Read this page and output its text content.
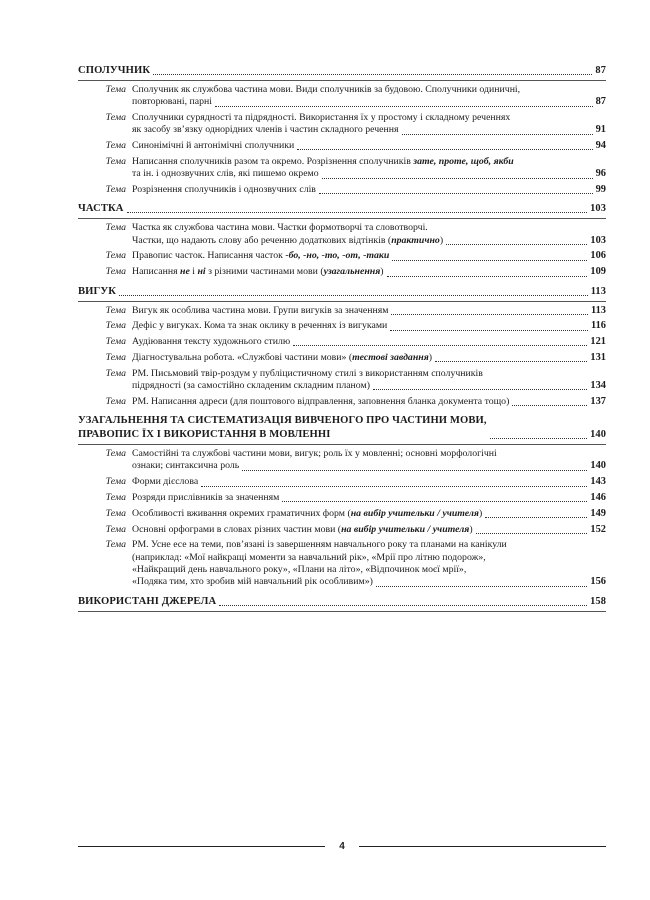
СПОЛУЧНИК	87
Тема Сполучник як службова частина мови. Види сполучників за будовою. Сполучники одиничні,
повторювані, парні	87
Тема Сполучники сурядності та підрядності. Використання їх у простому і складному реченнях
як засобу зв’язку однорідних членів і частин складного речення	91
Тема Синонімічні й антонімічні сполучники	94
Тема Написання сполучників разом та окремо. Розрізнення сполучників зате, проте, щоб, якби
та ін. і однозвучних слів, які пишемо окремо	96
Тема Розрізнення сполучників і однозвучних слів	99
ЧАСТКА	103
Тема Частка як службова частина мови. Частки формотворчі та словотворчі.
Частки, що надають слову або реченню додаткових відтінків (практично)	103
Тема Правопис часток. Написання часток -бо, -но, -то, -от, -таки	106
Тема Написання не і ні з різними частинами мови (узагальнення)	109
ВИГУК	113
Тема Вигук як особлива частина мови. Групи вигуків за значенням	113
Тема Дефіс у вигуках. Кома та знак оклику в реченнях із вигуками	116
Тема Аудіювання тексту художнього стилю	121
Тема Діагностувальна робота. «Службові частини мови» (тестові завдання)	131
Тема РМ. Письмовий твір-роздум у публіцистичному стилі з використанням сполучників
підрядності (за самостійно складеним складним планом)	134
Тема РМ. Написання адреси (для поштового відправлення, заповнення бланка документа тощо)	137
УЗАГАЛЬНЕННЯ ТА СИСТЕМАТИЗАЦІЯ ВИВЧЕНОГО ПРО ЧАСТИНИ МОВИ,
ПРАВОПИС ЇХ І ВИКОРИСТАННЯ В МОВЛЕННІ	140
Тема Самостійні та службові частини мови, вигук; роль їх у мовленні; основні морфологічні
ознаки; синтаксична роль	140
Тема Форми дієслова	143
Тема Розряди прислівників за значенням	146
Тема Особливості вживання окремих граматичних форм (на вибір учительки / учителя)	149
Тема Основні орфограми в словах різних частин мови (на вибір учительки / учителя)	152
Тема РМ. Усне есе на теми, пов’язані із завершенням навчального року та планами на канікули
(наприклад: «Мої найкращі моменти за навчальний рік», «Мрії про літню подорож»,
«Найкращий день навчального року», «Плани на літо», «Відпочинок моєї мрії»,
«Подяка тим, хто зробив мій навчальний рік особливим»)	156
ВИКОРИСТАНІ ДЖЕРЕЛА	158
4
